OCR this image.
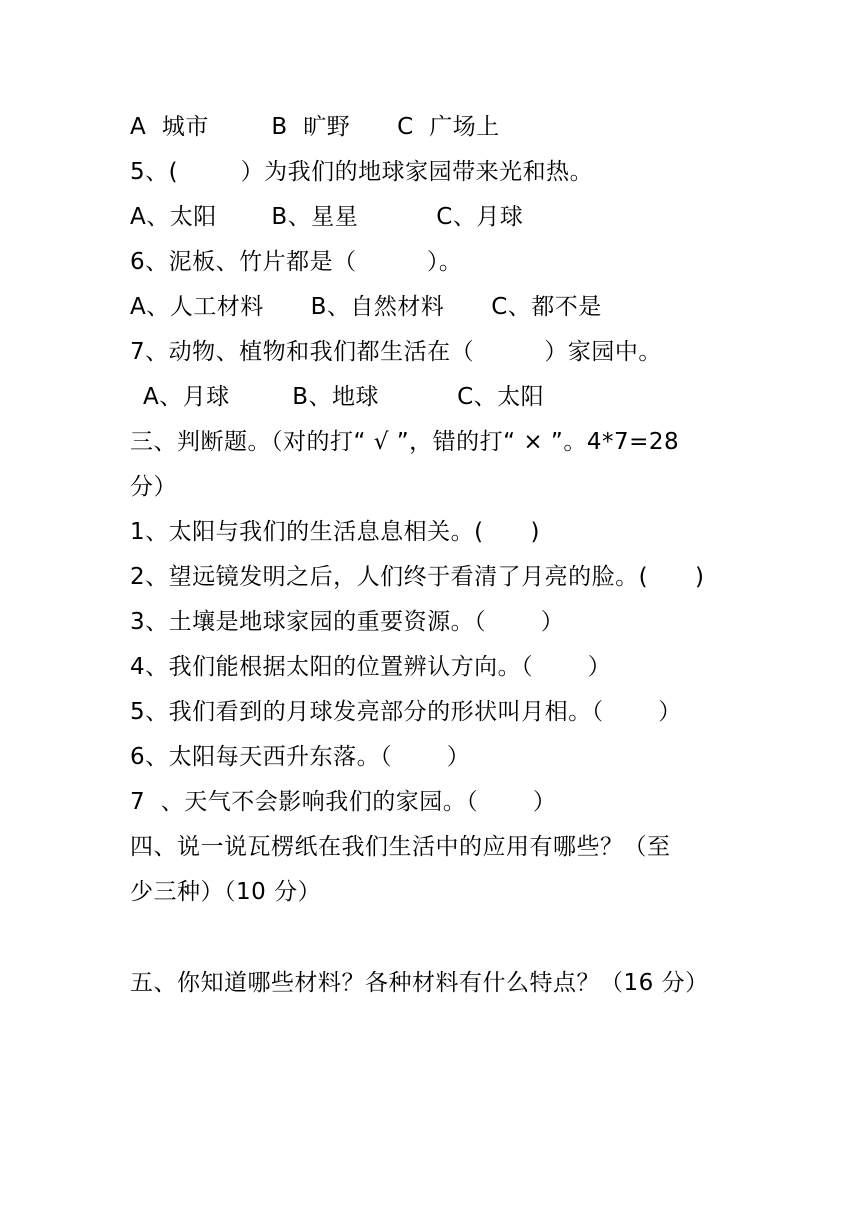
A  城市        B  旷野      C  广场上
5、(        ）为我们的地球家园带来光和热。
A、太阳       B、星星          C、月球
6、泥板、竹片都是（         ）。
A、人工材料      B、自然材料      C、都不是
7、动物、植物和我们都生活在（         ）家园中。
A、月球        B、地球          C、太阳
三、判断题。（对的打“ √ ”，错的打“ × ”。4*7=28
分）
1、太阳与我们的生活息息相关。(      )
2、望远镜发明之后，人们终于看清了月亮的脸。(      )
3、土壤是地球家园的重要资源。（       ）
4、我们能根据太阳的位置辨认方向。（       ）
5、我们看到的月球发亮部分的形状叫月相。（       ）
6、太阳每天西升东落。（       ）
7  、天气不会影响我们的家园。（       ）
四、说一说瓦楞纸在我们生活中的应用有哪些？（至
少三种）（10 分）
五、你知道哪些材料？各种材料有什么特点？（16 分）
